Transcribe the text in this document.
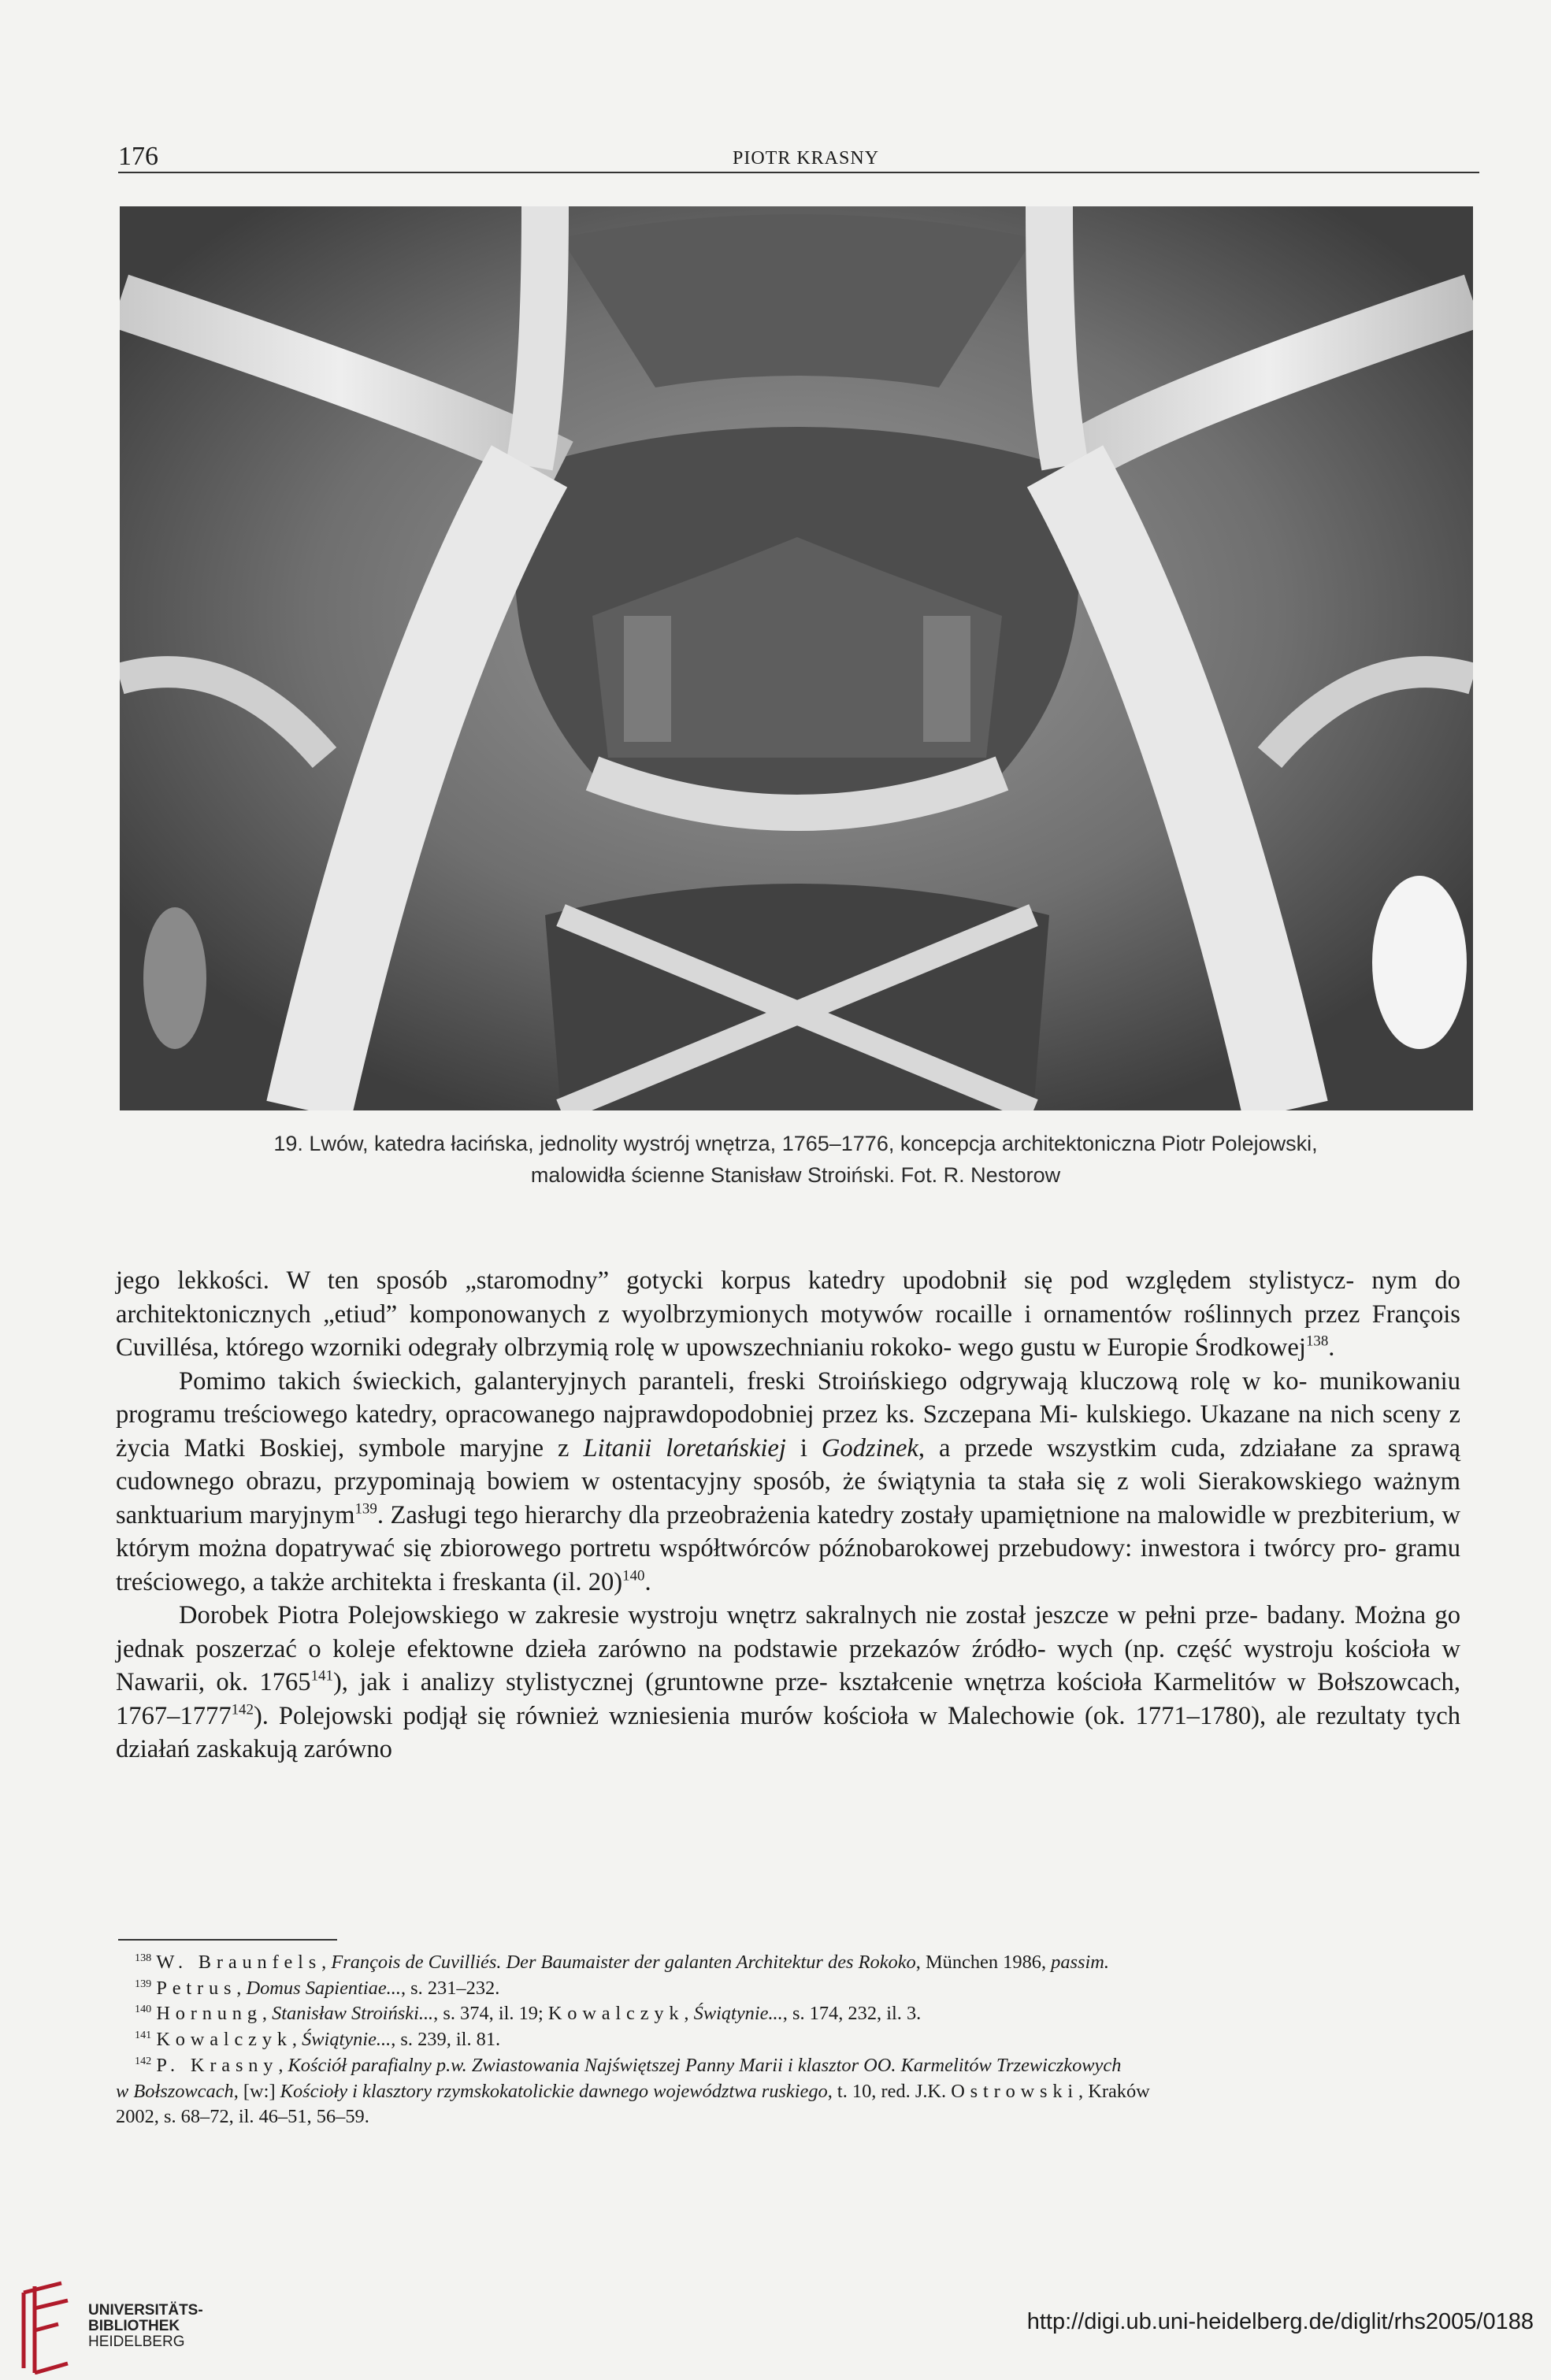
176	PIOTR KRASNY
19. Lwów, katedra łacińska, jednolity wystrój wnętrza, 1765–1776, koncepcja architektoniczna Piotr Polejowski,
malowidła ścienne Stanisław Stroiński. Fot. R. Nestorow

jego lekkości. W ten sposób „staromodny” gotycki korpus katedry upodobnił się pod względem stylistycz- nym do architektonicznych „etiud” komponowanych z wyolbrzymionych motywów rocaille i ornamentów roślinnych przez François Cuvillésa, którego wzorniki odegrały olbrzymią rolę w upowszechnianiu rokoko- wego gustu w Europie Środkowej$^{138}$.

Pomimo takich świeckich, galanteryjnych paranteli, freski Stroińskiego odgrywają kluczową rolę w ko- munikowaniu programu treściowego katedry, opracowanego najprawdopodobniej przez ks. Szczepana Mi- kulskiego. Ukazane na nich sceny z życia Matki Boskiej, symbole maryjne z Litanii loretańskiej i Godzinek, a przede wszystkim cuda, zdziałane za sprawą cudownego obrazu, przypominają bowiem w ostentacyjny sposób, że świątynia ta stała się z woli Sierakowskiego ważnym sanktuarium maryjnym$^{139}$. Zasługi tego hierarchy dla przeobrażenia katedry zostały upamiętnione na malowidle w prezbiterium, w którym można dopatrywać się zbiorowego portretu współtwórców późnobarokowej przebudowy: inwestora i twórcy pro- gramu treściowego, a także architekta i freskanta (il. 20)$^{140}$.

Dorobek Piotra Polejowskiego w zakresie wystroju wnętrz sakralnych nie został jeszcze w pełni prze- badany. Można go jednak poszerzać o koleje efektowne dzieła zarówno na podstawie przekazów źródło- wych (np. część wystroju kościoła w Nawarii, ok. 1765$^{141}$), jak i analizy stylistycznej (gruntowne prze- kształcenie wnętrza kościoła Karmelitów w Bołszowcach, 1767–1777$^{142}$). Polejowski podjął się również wzniesienia murów kościoła w Malechowie (ok. 1771–1780), ale rezultaty tych działań zaskakują zarówno

$^{138}$ W. Braunfels, François de Cuvilliés. Der Baumaister der galanten Architektur des Rokoko, München 1986, passim.

$^{139}$ Petrus, Domus Sapientiae..., s. 231–232.

$^{140}$ Hornung, Stanisław Stroiński..., s. 374, il. 19; Kowalczyk, Świątynie..., s. 174, 232, il. 3.

$^{141}$ Kowalczyk, Świątynie..., s. 239, il. 81.

$^{142}$ P. Krasny, Kościół parafialny p.w. Zwiastowania Najświętszej Panny Marii i klasztor OO. Karmelitów Trzewiczkowych

w Bołszowcach, [w:] Kościoły i klasztory rzymskokatolickie dawnego województwa ruskiego, t. 10, red. J.K. Ostrowski, Kraków

2002, s. 68–72, il. 46–51, 56–59.

UNIVERSITÄTS-
BIBLIOTHEK
HEIDELBERG
http://digi.ub.uni-heidelberg.de/diglit/rhs2005/0188
